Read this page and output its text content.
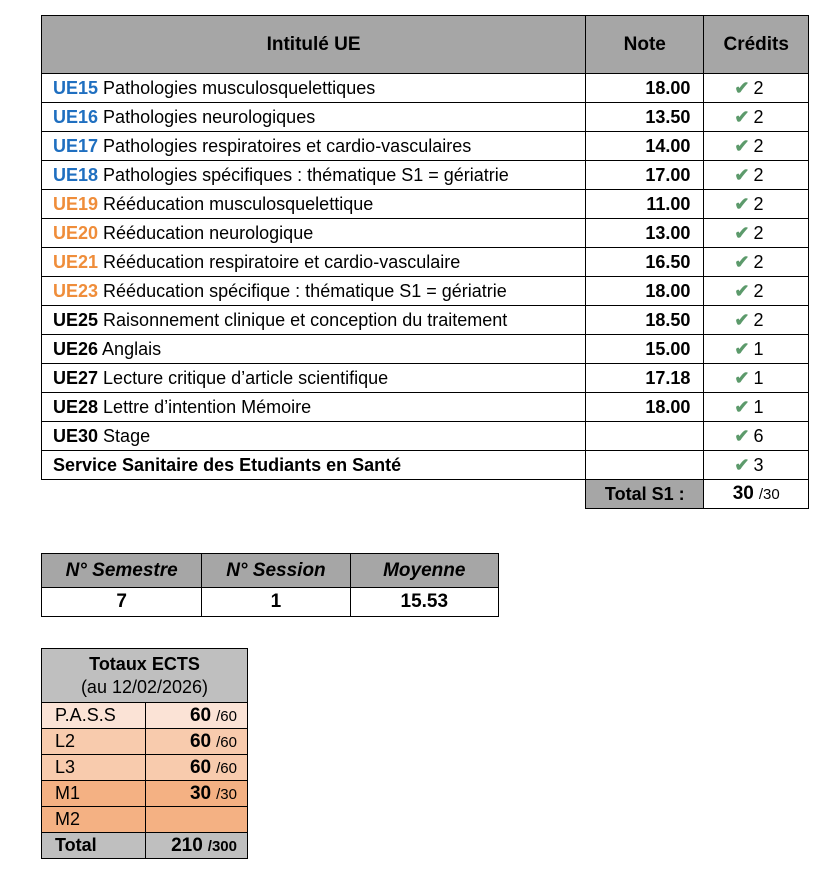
Intitulé UE	Note	Crédits
UE15 Pathologies musculosquelettiques	18.00	✔ 2
UE16 Pathologies neurologiques	13.50	✔ 2
UE17 Pathologies respiratoires et cardio-vasculaires	14.00	✔ 2
UE18 Pathologies spécifiques : thématique S1 = gériatrie	17.00	✔ 2
UE19 Rééducation musculosquelettique	11.00	✔ 2
UE20 Rééducation neurologique	13.00	✔ 2
UE21 Rééducation respiratoire et cardio-vasculaire	16.50	✔ 2
UE23 Rééducation spécifique : thématique S1 = gériatrie	18.00	✔ 2
UE25 Raisonnement clinique et conception du traitement	18.50	✔ 2
UE26 Anglais	15.00	✔ 1
UE27 Lecture critique d’article scientifique	17.18	✔ 1
UE28 Lettre d’intention Mémoire	18.00	✔ 1
UE30 Stage		✔ 6
Service Sanitaire des Etudiants en Santé		✔ 3
	Total S1 :	30 /30
N° Semestre	N° Session	Moyenne
7	1	15.53
Totaux ECTS
(au 12/02/2026)	

P.A.S.S	60 /60
L2	60 /60
L3	60 /60
M1	30 /30
M2	
Total	210 /300
